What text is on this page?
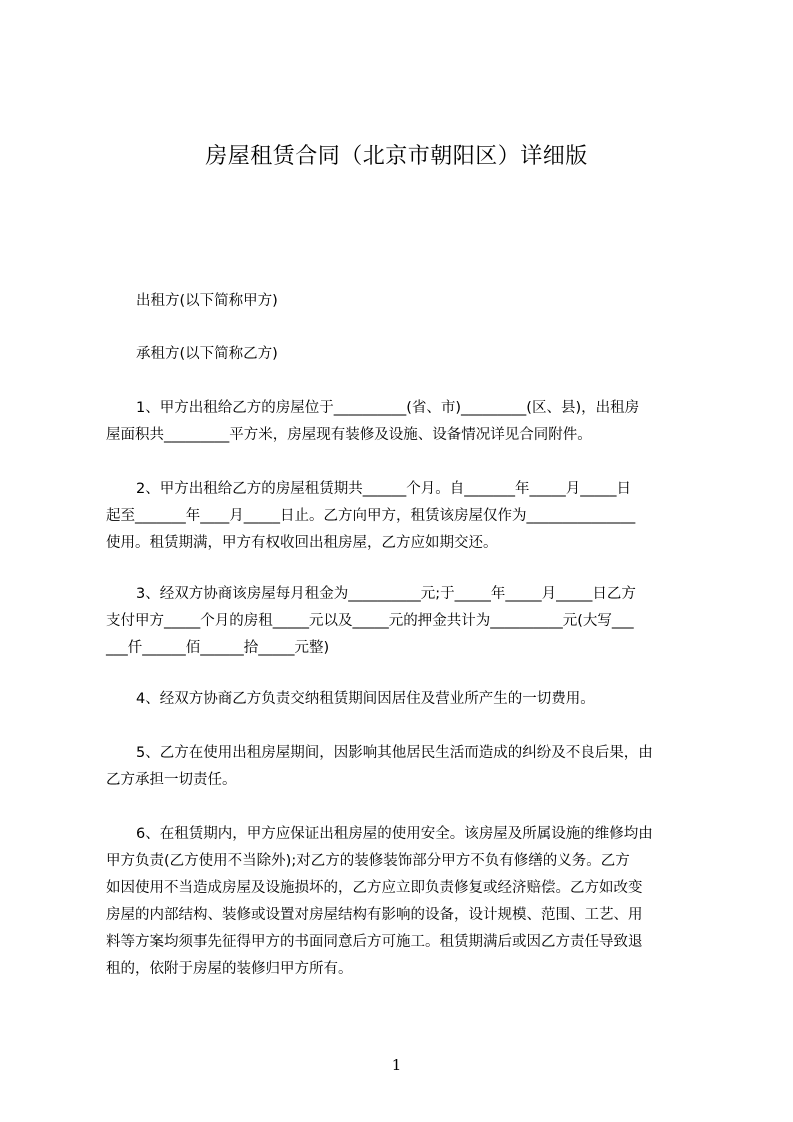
房屋租赁合同（北京市朝阳区）详细版
出租方(以下简称甲方)
承租方(以下简称乙方)
1、甲方出租给乙方的房屋位于__________(省、市)_________(区、县)，出租房
屋面积共_________平方米，房屋现有装修及设施、设备情况详见合同附件。
2、甲方出租给乙方的房屋租赁期共______个月。自_______年_____月_____日
起至_______年____月_____日止。乙方向甲方，租赁该房屋仅作为_______________
使用。租赁期满，甲方有权收回出租房屋，乙方应如期交还。
3、经双方协商该房屋每月租金为__________元;于_____年_____月_____日乙方
支付甲方_____个月的房租_____元以及_____元的押金共计为__________元(大写___
___仟______佰______拾_____元整)
4、经双方协商乙方负责交纳租赁期间因居住及营业所产生的一切费用。
5、乙方在使用出租房屋期间，因影响其他居民生活而造成的纠纷及不良后果，由
乙方承担一切责任。
6、在租赁期内，甲方应保证出租房屋的使用安全。该房屋及所属设施的维修均由
甲方负责(乙方使用不当除外);对乙方的装修装饰部分甲方不负有修缮的义务。乙方
如因使用不当造成房屋及设施损坏的，乙方应立即负责修复或经济赔偿。乙方如改变
房屋的内部结构、装修或设置对房屋结构有影响的设备，设计规模、范围、工艺、用
料等方案均须事先征得甲方的书面同意后方可施工。租赁期满后或因乙方责任导致退
租的，依附于房屋的装修归甲方所有。
1
